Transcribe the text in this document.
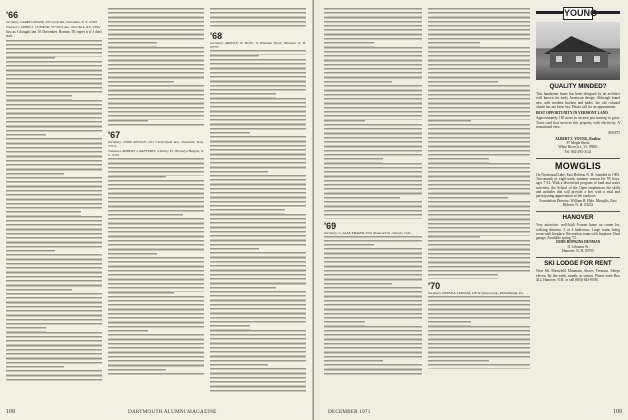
'66

Secretary, LARRY GEIGER, 230 Garth Rd., Scarsdale, N. Y. 10583

Treasurer, JAMES L. CONNOR, 737 Park Ave., New York, N.Y. 10021

Just as I thought last 10 December, Ronnie, I'll regret it if I don't start...

'67

Secretary, JOHN NELSON, 1111 Chesterfield Ave., Nashville, Tenn. 37212

Treasurer, ROBERT J. RAFFERTY, 4 Sidney Pl., Brooklyn Heights, N. Y. 11201

'68

Secretary, ARNOLD W. ROSS, 11 Pleasant Street, Hanover, N. H. 03755

108	DARTMOUTH ALUMNI MAGAZINE
'69

Secretary, G. ALAN FRASER, 2391 Tamarack St., Denver, Colo.

'70

Secretary, PETER A. LINDSAY, 118 W. Queen Lane, Philadelphia, Pa.

YOUNG
QUALITY MINDED?

This handsome home has been designed by an architect well known for early American design. Although brand new with modern kitchen and baths, the old colonial charm has not been lost. Please call for an appointment.

BEST OPPORTUNITY IN VERMONT LAND

Approximately 185 acres in an area just starting to grow. Town road that services this property with electricity. A sensational view.

$50,875

ALBERT J. YOUNG, Realtor
97 Maple Street
White River Jct., Vt. 05001
Tel. 802-295-3122
MOWGLIS
On Newfound Lake, East Hebron, N. H. founded in 1903. Two-month or eight-week summer season for 95 boys, ages 7-14. With a diversified program of land and water activities, the School of the Open emphasizes the skills and attitudes that will provide a boy with a vital and participating appreciation of the outdoors.
Foundation Director: William B. Hale, Mowglis, East Hebron, N. H. 03232
HANOVER
Very attractive, well-built 9-room home on corner lot, walking distance. 3 or 4 bedrooms. Large warm living room with fireplace. Recreation room with fireplace. Dual garage. Available spring '72.
JOHN HOPKINS DENMAN
11 Lebanon St.
Hanover, N. H. 03755
SKI LODGE FOR RENT
Near Mt. Mansfield Mountain, Stowe. Vermont. Sleeps eleven. By the week, month, or season. Please write Box 412, Hanover, N.H. or call (603) 643-0000.
DECEMBER 1971	109
